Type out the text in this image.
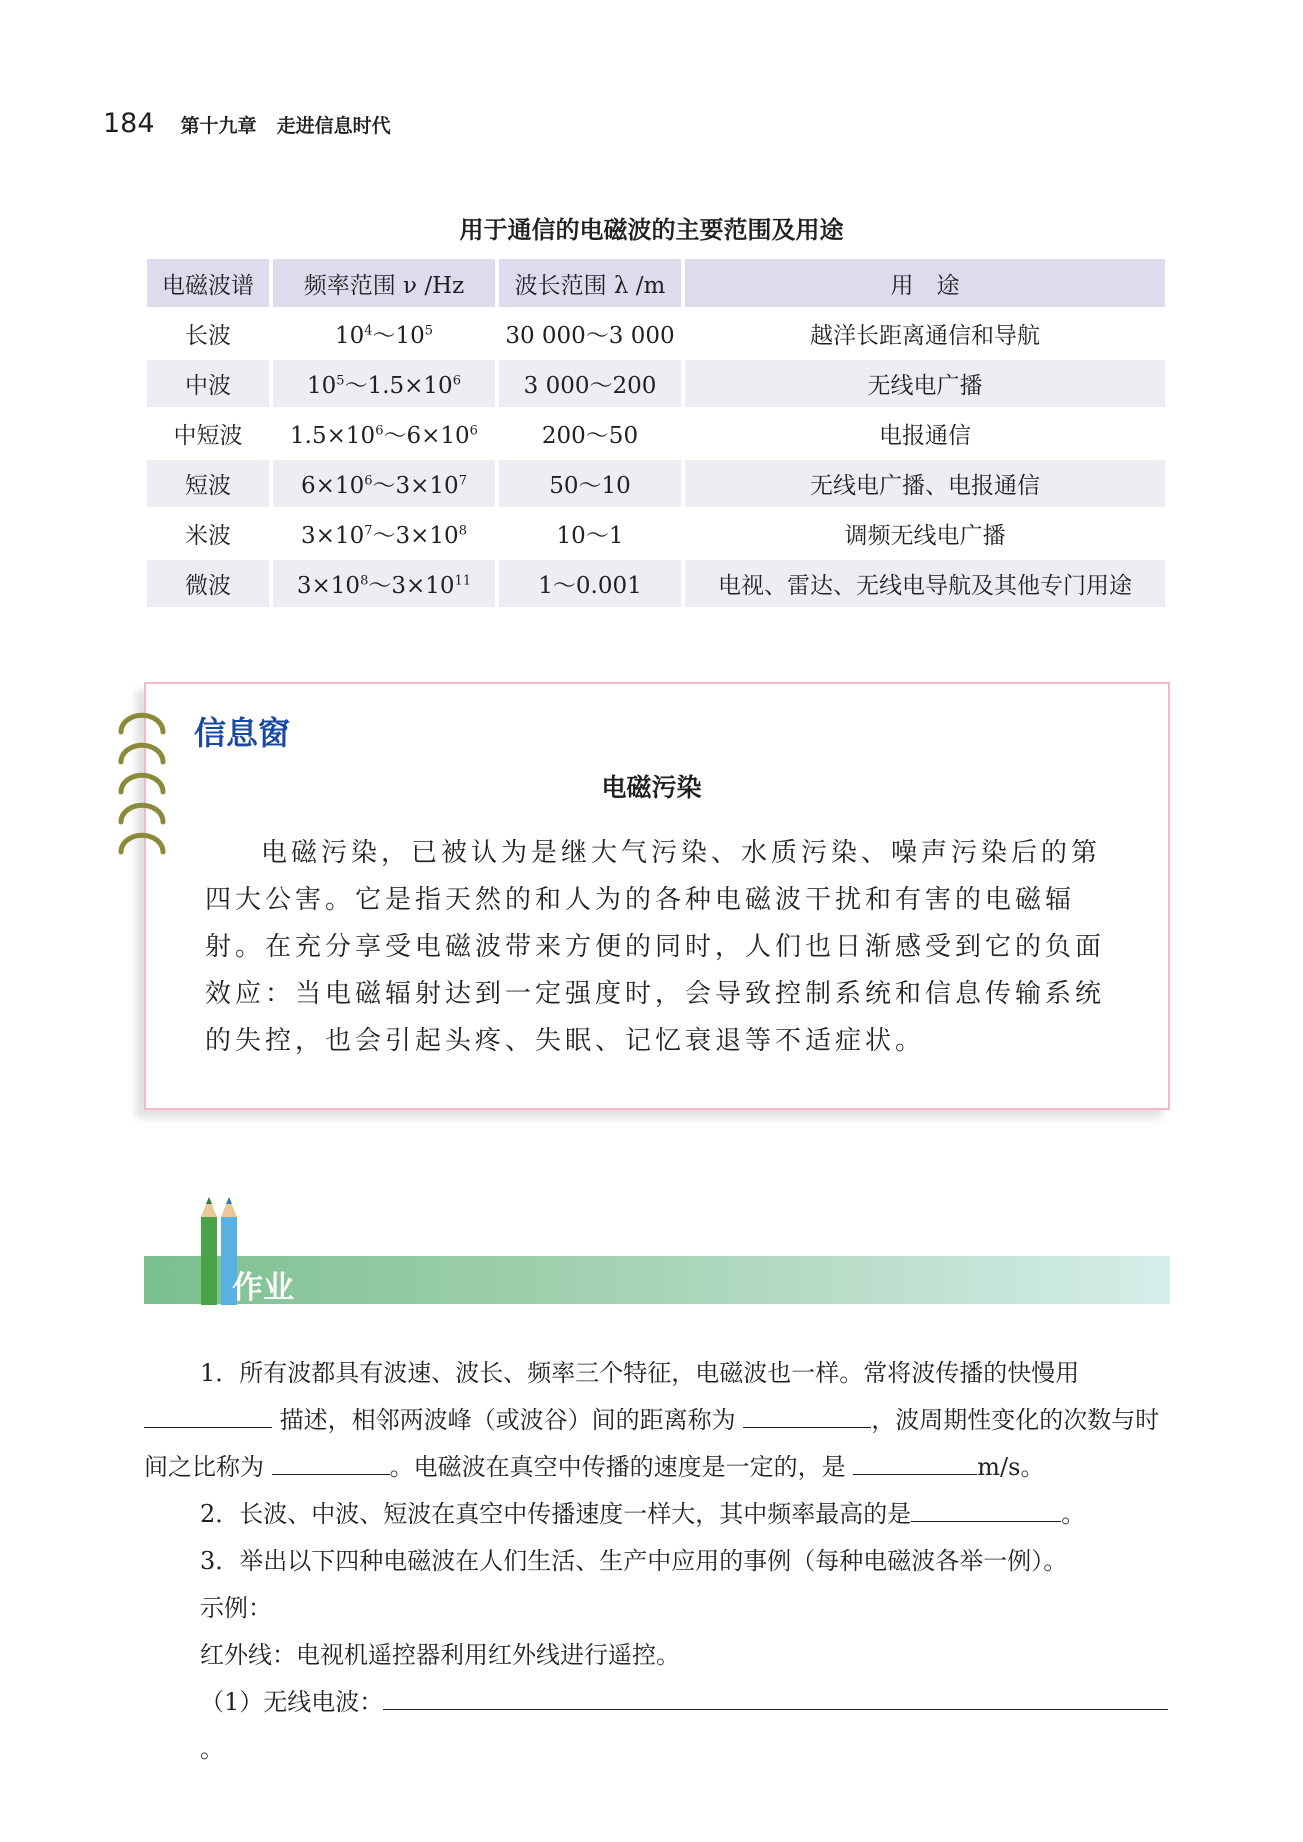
184 第十九章 走进信息时代
用于通信的电磁波的主要范围及用途
电磁波谱	频率范围 ν /Hz	波长范围 λ /m	用　途
长波	$10^4\sim 10^5$	30 000～3 000	越洋长距离通信和导航
中波	$10^5\sim 1.5\times 10^6$	3 000～200	无线电广播
中短波	$1.5\times 10^6\sim 6\times 10^6$	200～50	电报通信
短波	$6\times 10^6\sim 3\times 10^7$	50～10	无线电广播、电报通信
米波	$3\times 10^7\sim 3\times 10^8$	10～1	调频无线电广播
微波	$3\times 10^8\sim 3\times 10^{11}$	1～0.001	电视、雷达、无线电导航及其他专门用途
信息窗
电磁污染

电磁污染，已被认为是继大气污染、水质污染、噪声污染后的第四大公害。它是指天然的和人为的各种电磁波干扰和有害的电磁辐射。在充分享受电磁波带来方便的同时，人们也日渐感受到它的负面效应：当电磁辐射达到一定强度时，会导致控制系统和信息传输系统的失控，也会引起头疼、失眠、记忆衰退等不适症状。

作业

1．所有波都具有波速、波长、频率三个特征，电磁波也一样。常将波传播的快慢用
描述，相邻两波峰（或波谷）间的距离称为	，波周期性变化的次数与时间之比称为	。电磁波在真空中传播的速度是一定的，是	m/s。

2．长波、中波、短波在真空中传播速度一样大，其中频率最高的是	。

3．举出以下四种电磁波在人们生活、生产中应用的事例（每种电磁波各举一例）。

示例：

红外线：电视机遥控器利用红外线进行遥控。

（1）无线电波：。
